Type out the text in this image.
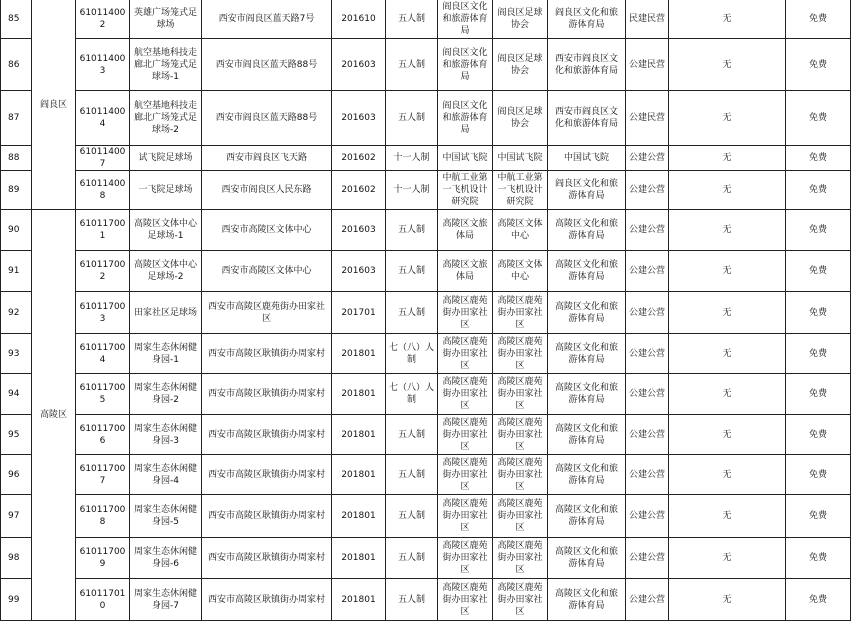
85	阎良区	610114002	英雄广场笼式足球场	西安市阎良区蓝天路7号	201610	五人制	阎良区文化和旅游体育局	阎良区足球协会	阎良区文化和旅游体育局	民建民营	无	免费
86		610114003	航空基地科技走廊北广场笼式足球场-1	西安市阎良区蓝天路88号	201603	五人制	阎良区文化和旅游体育局	阎良区足球协会	西安市阎良区文化和旅游体育局	公建民营	无	免费
87		610114004	航空基地科技走廊北广场笼式足球场-2	西安市阎良区蓝天路88号	201603	五人制	阎良区文化和旅游体育局	阎良区足球协会	西安市阎良区文化和旅游体育局	公建民营	无	免费
88		610114007	试飞院足球场	西安市阎良区飞天路	201602	十一人制	中国试飞院	中国试飞院	中国试飞院	公建公营	无	免费
89		610114008	一飞院足球场	西安市阎良区人民东路	201602	十一人制	中航工业第一飞机设计研究院	中航工业第一飞机设计研究院	阎良区文化和旅游体育局	公建公营	无	免费
90	高陵区	610117001	高陵区文体中心足球场-1	西安市高陵区文体中心	201603	五人制	高陵区文旅体局	高陵区文体中心	高陵区文化和旅游体育局	公建公营	无	免费
91		610117002	高陵区文体中心足球场-2	西安市高陵区文体中心	201603	五人制	高陵区文旅体局	高陵区文体中心	高陵区文化和旅游体育局	公建公营	无	免费
92		610117003	田家社区足球场	西安市高陵区鹿苑街办田家社区	201701	五人制	高陵区鹿苑街办田家社区	高陵区鹿苑街办田家社区	高陵区文化和旅游体育局	公建公营	无	免费
93		610117004	周家生态休闲健身园-1	西安市高陵区耿镇街办周家村	201801	七（八）人制	高陵区鹿苑街办田家社区	高陵区鹿苑街办田家社区	高陵区文化和旅游体育局	公建公营	无	免费
94		610117005	周家生态休闲健身园-2	西安市高陵区耿镇街办周家村	201801	七（八）人制	高陵区鹿苑街办田家社区	高陵区鹿苑街办田家社区	高陵区文化和旅游体育局	公建公营	无	免费
95		610117006	周家生态休闲健身园-3	西安市高陵区耿镇街办周家村	201801	五人制	高陵区鹿苑街办田家社区	高陵区鹿苑街办田家社区	高陵区文化和旅游体育局	公建公营	无	免费
96		610117007	周家生态休闲健身园-4	西安市高陵区耿镇街办周家村	201801	五人制	高陵区鹿苑街办田家社区	高陵区鹿苑街办田家社区	高陵区文化和旅游体育局	公建公营	无	免费
97		610117008	周家生态休闲健身园-5	西安市高陵区耿镇街办周家村	201801	五人制	高陵区鹿苑街办田家社区	高陵区鹿苑街办田家社区	高陵区文化和旅游体育局	公建公营	无	免费
98		610117009	周家生态休闲健身园-6	西安市高陵区耿镇街办周家村	201801	五人制	高陵区鹿苑街办田家社区	高陵区鹿苑街办田家社区	高陵区文化和旅游体育局	公建公营	无	免费
99		610117010	周家生态休闲健身园-7	西安市高陵区耿镇街办周家村	201801	五人制	高陵区鹿苑街办田家社区	高陵区鹿苑街办田家社区	高陵区文化和旅游体育局	公建公营	无	免费
